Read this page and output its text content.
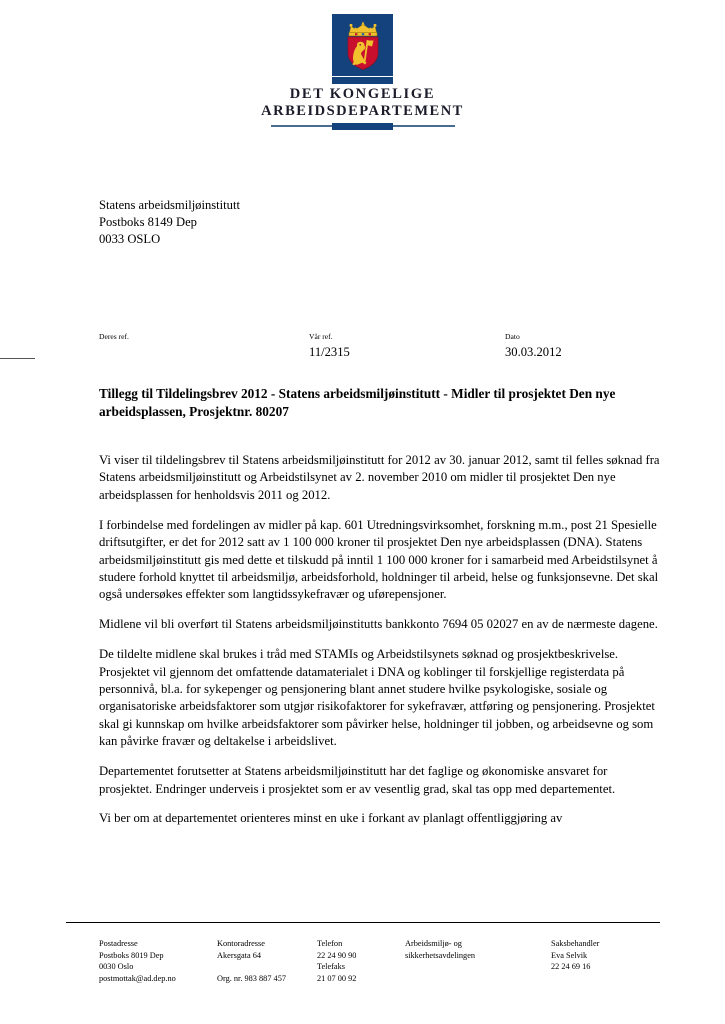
DET KONGELIGE
ARBEIDSDEPARTEMENT
Statens arbeidsmiljøinstitutt
Postboks 8149 Dep
0033 OSLO
Deres ref.	Vår ref.
11/2315
Dato
30.03.2012
Tillegg til Tildelingsbrev 2012 - Statens arbeidsmiljøinstitutt - Midler til prosjektet Den nye arbeidsplassen, Prosjektnr. 80207

Vi viser til tildelingsbrev til Statens arbeidsmiljøinstitutt for 2012 av 30. januar 2012, samt til felles søknad fra Statens arbeidsmiljøinstitutt og Arbeidstilsynet av 2. november 2010 om midler til prosjektet Den nye arbeidsplassen for henholdsvis 2011 og 2012.

I forbindelse med fordelingen av midler på kap. 601 Utredningsvirksomhet, forskning m.m., post 21 Spesielle driftsutgifter, er det for 2012 satt av 1 100 000 kroner til prosjektet Den nye arbeidsplassen (DNA). Statens arbeidsmiljøinstitutt gis med dette et tilskudd på inntil 1 100 000 kroner for i samarbeid med Arbeidstilsynet å studere forhold knyttet til arbeidsmiljø, arbeidsforhold, holdninger til arbeid, helse og funksjonsevne. Det skal også undersøkes effekter som langtidssykefravær og uførepensjoner.

Midlene vil bli overført til Statens arbeidsmiljøinstitutts bankkonto 7694 05 02027 en av de nærmeste dagene.

De tildelte midlene skal brukes i tråd med STAMIs og Arbeidstilsynets søknad og prosjektbeskrivelse. Prosjektet vil gjennom det omfattende datamaterialet i DNA og koblinger til forskjellige registerdata på personnivå, bl.a. for sykepenger og pensjonering blant annet studere hvilke psykologiske, sosiale og organisatoriske arbeidsfaktorer som utgjør risikofaktorer for sykefravær, attføring og pensjonering. Prosjektet skal gi kunnskap om hvilke arbeidsfaktorer som påvirker helse, holdninger til jobben, og arbeidsevne og som kan påvirke fravær og deltakelse i arbeidslivet.

Departementet forutsetter at Statens arbeidsmiljøinstitutt har det faglige og økonomiske ansvaret for prosjektet. Endringer underveis i prosjektet som er av vesentlig grad, skal tas opp med departementet.

Vi ber om at departementet orienteres minst en uke i forkant av planlagt offentliggjøring av

Postadresse
Postboks 8019 Dep
0030 Oslo
postmottak@ad.dep.no
Kontoradresse
Akersgata 64

Org. nr. 983 887 457
Telefon
22 24 90 90
Telefaks
21 07 00 92
Arbeidsmiljø- og
sikkerhetsavdelingen

Saksbehandler
Eva Selvik
22 24 69 16
